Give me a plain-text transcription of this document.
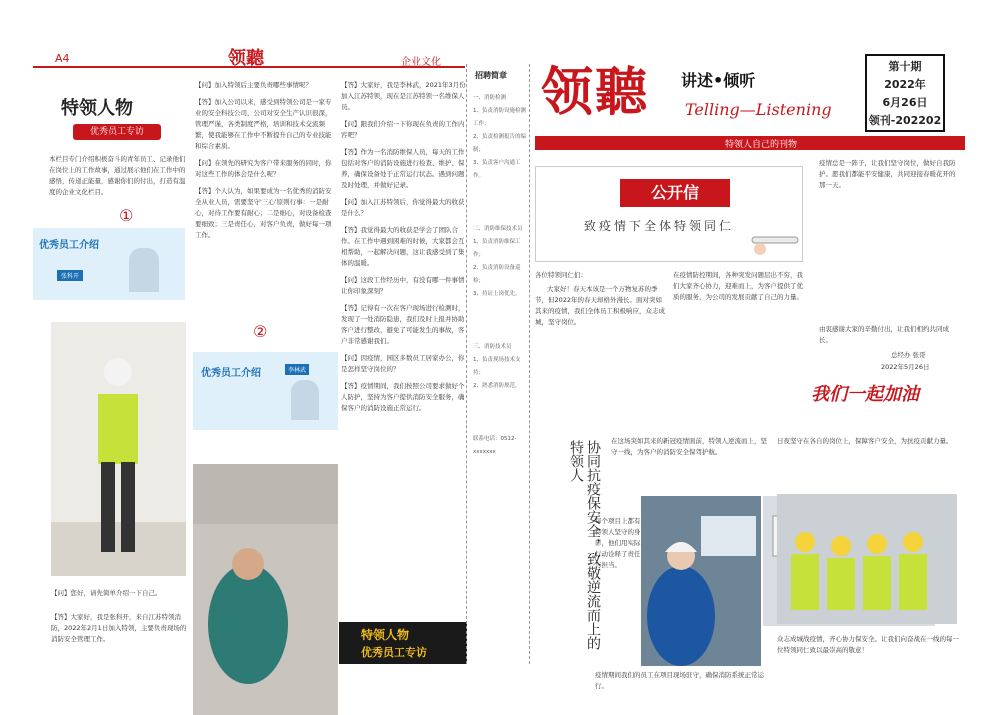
A4	领聽	企业文化
特领人物
优秀员工专访
本栏目专门介绍积极奋斗的青年员工、记录他们在岗位上的工作故事，通过展示他们在工作中的感悟，传递正能量，感谢你们的付出，打造有温度的企业文化栏目。
①
优秀员工介绍
张科开
【问】您好，请先简单介绍一下自己。
【答】大家好，我是张科开，来自江苏特领消防，2022年2月1日加入特领，主要负责现场的消防安全管理工作。

【问】加入特领后主要负责哪些事情呢？

【答】加入公司以来，感受到特领公司是一家专业的安全科技公司，公司对安全生产认识很深，管理严谨，各类制度严格，培训和技术交流频繁，使我能够在工作中不断提升自己的专业技能和综合素质。

【问】在领先的研究为客户带来服务的同时，你对这些工作的体会是什么呢？

【答】个人认为，如果要成为一名优秀的消防安全从业人员，需要坚守'三心'原则行事：一是耐心，对待工作要有耐心；二是细心，对设备检查要细致；三是责任心，对客户负责，做好每一项工作。

②
优秀员工介绍	李林武

【答】大家好，我是李林武，2021年3月份加入江苏特领，现在是江苏特领一名维保人员。

【问】跟我们介绍一下你现在负责的工作内容吧？

【答】作为一名消防维保人员，每天的工作包括对客户的消防设施进行检查、维护、保养，确保设备处于正常运行状态。遇到问题及时处理，并做好记录。

【问】加入江苏特领后，你觉得最大的收获是什么？

【答】我觉得最大的收获是学会了团队合作。在工作中遇到困难的时候，大家都会互相帮助，一起解决问题，这让我感受到了集体的温暖。

【问】这段工作经历中，有没有哪一件事情让你印象深刻？

【答】记得有一次在客户现场进行检测时，发现了一处消防隐患，我们及时上报并协助客户进行整改，避免了可能发生的事故，客户非常感谢我们。

【问】因疫情，园区多数员工居家办公，你是怎样坚守岗位的？

【答】疫情期间，我们按照公司要求做好个人防护，坚持为客户提供消防安全服务，确保客户的消防设施正常运行。

特领人物
优秀员工专访
招聘简章
一、消防检测
1、负责消防设施检测工作；
2、负责检测报告的编制；
3、负责客户沟通工作。
二、消防维保技术员
1、负责消防维保工作；
2、负责消防设备巡检；
3、持证上岗优先。
三、消防技术员
1、负责现场技术支持；
2、熟悉消防规范。
联系电话：0512-xxxxxxx
领聽 讲述•倾听
Telling—Listening
第十期
2022年
6月26日
领刊-202202
特领人自己的刊物
公开信
致疫情下全体特领同仁
各位特领同仁们：
大家好！春天本该是一个万物复苏的季节，但2022年的春天却格外漫长。面对突如其来的疫情，我们全体员工积极响应，众志成城，坚守岗位。
在疫情防控期间，各种突发问题层出不穷，我们大家齐心协力，迎难而上，为客户提供了优质的服务，为公司的发展贡献了自己的力量。
疫情总是一阵子，让我们坚守岗位，做好自我防护。愿我们都能平安健康，共同迎接春暖花开的那一天。
由衷感谢大家的辛勤付出，让我们相约共同成长。
总经办 张哥
2022年5月26日
我们一起加油
协同抗疫保安全，致敬逆流而上的特领人	在这场突如其来的新冠疫情面前，特领人逆流而上，坚守一线，为客户的消防安全保驾护航。
每个项目上都有特领人坚守的身影，他们用实际行动诠释了责任与担当。
疫情期间我们的员工在项目现场驻守，确保消防系统正常运行。
日夜坚守在各自的岗位上，保障客户安全，为抗疫贡献力量。
众志成城战疫情，齐心协力保安全。让我们向奋战在一线的每一位特领同仁致以最崇高的敬意！
